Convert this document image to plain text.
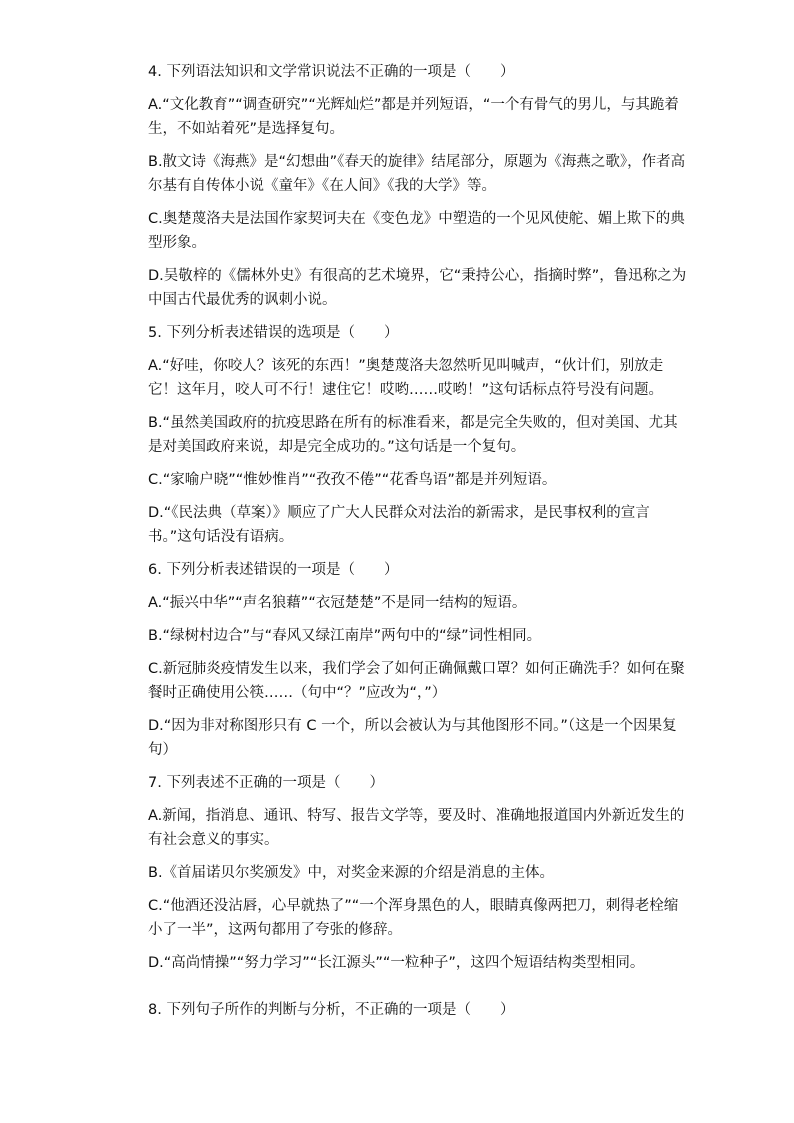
4. 下列语法知识和文学常识说法不正确的一项是（　　）

A.“文化教育”“调查研究”“光辉灿烂”都是并列短语，“一个有骨气的男儿，与其跪着生，不如站着死”是选择复句。

B.散文诗《海燕》是“幻想曲”《春天的旋律》结尾部分，原题为《海燕之歌》，作者高尔基有自传体小说《童年》《在人间》《我的大学》等。

C.奥楚蔑洛夫是法国作家契诃夫在《变色龙》中塑造的一个见风使舵、媚上欺下的典型形象。

D.吴敬梓的《儒林外史》有很高的艺术境界，它“秉持公心，指摘时弊”，鲁迅称之为中国古代最优秀的讽刺小说。

5. 下列分析表述错误的选项是（　　）

A.“好哇，你咬人？该死的东西！”奥楚蔑洛夫忽然听见叫喊声，“伙计们，别放走它！这年月，咬人可不行！逮住它！哎哟……哎哟！”这句话标点符号没有问题。

B.“虽然美国政府的抗疫思路在所有的标准看来，都是完全失败的，但对美国、尤其是对美国政府来说，却是完全成功的。”这句话是一个复句。

C.“家喻户晓”“惟妙惟肖”“孜孜不倦”“花香鸟语”都是并列短语。

D.“《民法典（草案）》顺应了广大人民群众对法治的新需求，是民事权利的宣言书。”这句话没有语病。

6. 下列分析表述错误的一项是（　　）

A.“振兴中华”“声名狼藉”“衣冠楚楚”不是同一结构的短语。

B.“绿树村边合”与“春风又绿江南岸”两句中的“绿”词性相同。

C.新冠肺炎疫情发生以来，我们学会了如何正确佩戴口罩？如何正确洗手？如何在聚餐时正确使用公筷……（句中“？”应改为“，”）

D.“因为非对称图形只有 C 一个，所以会被认为与其他图形不同。”（这是一个因果复句）

7. 下列表述不正确的一项是（　　）

A.新闻，指消息、通讯、特写、报告文学等，要及时、准确地报道国内外新近发生的有社会意义的事实。

B.《首届诺贝尔奖颁发》中，对奖金来源的介绍是消息的主体。

C.“他酒还没沾唇，心早就热了”“一个浑身黑色的人，眼睛真像两把刀，刺得老栓缩小了一半”，这两句都用了夸张的修辞。

D.“高尚情操”“努力学习”“长江源头”“一粒种子”，这四个短语结构类型相同。

8. 下列句子所作的判断与分析，不正确的一项是（　　）
